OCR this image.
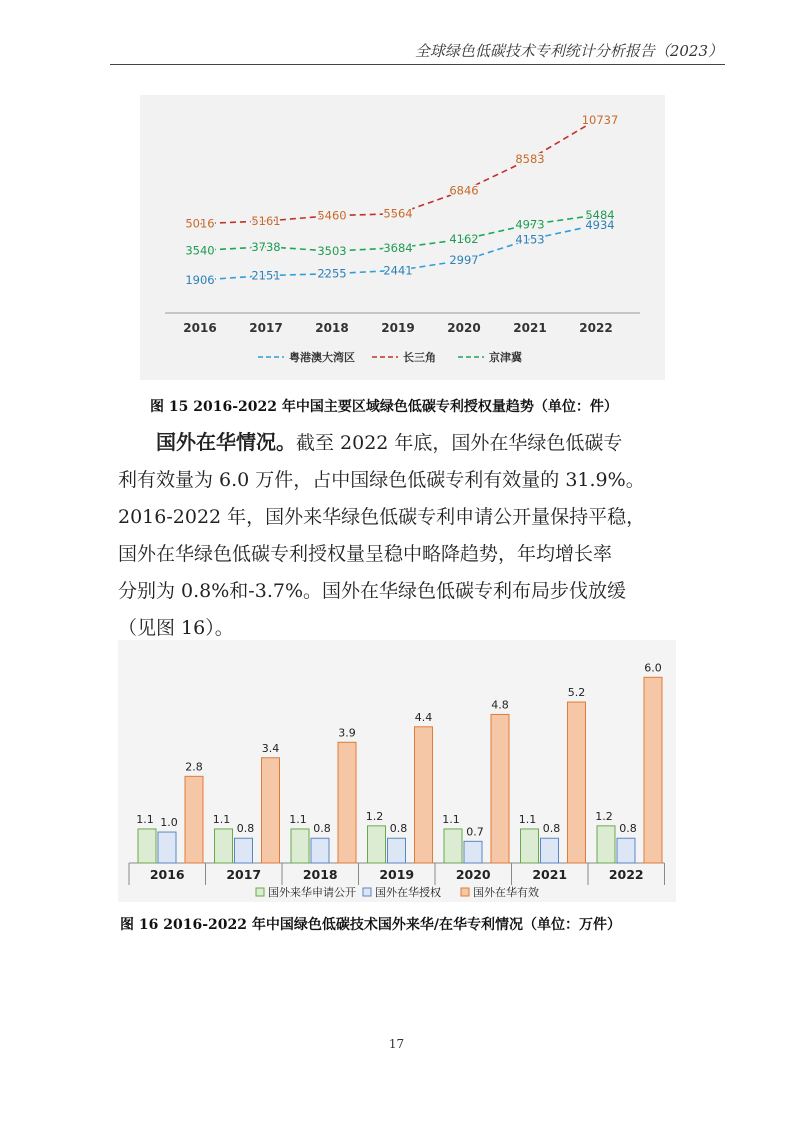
全球绿色低碳技术专利统计分析报告（2023）
2016	2017	2018	2019	2020	2021	2022
1906	2151	2255	2441
2997
4153
4934
5016	5161	5460	5564
6846
8583
10737
3540	3738	3503	3684
4162
4973
5484
粤港澳大湾区	长三角	京津冀
图 15 2016-2022 年中国主要区域绿色低碳专利授权量趋势（单位：件）
国外在华情况。截至 2022 年底，国外在华绿色低碳专
利有效量为 6.0 万件，占中国绿色低碳专利有效量的 31.9%。
2016-2022 年，国外来华绿色低碳专利申请公开量保持平稳，
国外在华绿色低碳专利授权量呈稳中略降趋势，年均增长率
分别为 0.8%和-3.7%。国外在华绿色低碳专利布局步伐放缓
（见图 16）。
2016
1.1 1.0
2.8
2017
1.1
0.8
3.4
2018
1.1
0.8
3.9
2019
1.2
0.8
4.4
2020
1.1
0.7
4.8
2021
1.1
0.8
5.2
2022
1.2
0.8
6.0
国外来华申请公开 国外在华授权	国外在华有效
图 16 2016-2022 年中国绿色低碳技术国外来华/在华专利情况（单位：万件）
17
